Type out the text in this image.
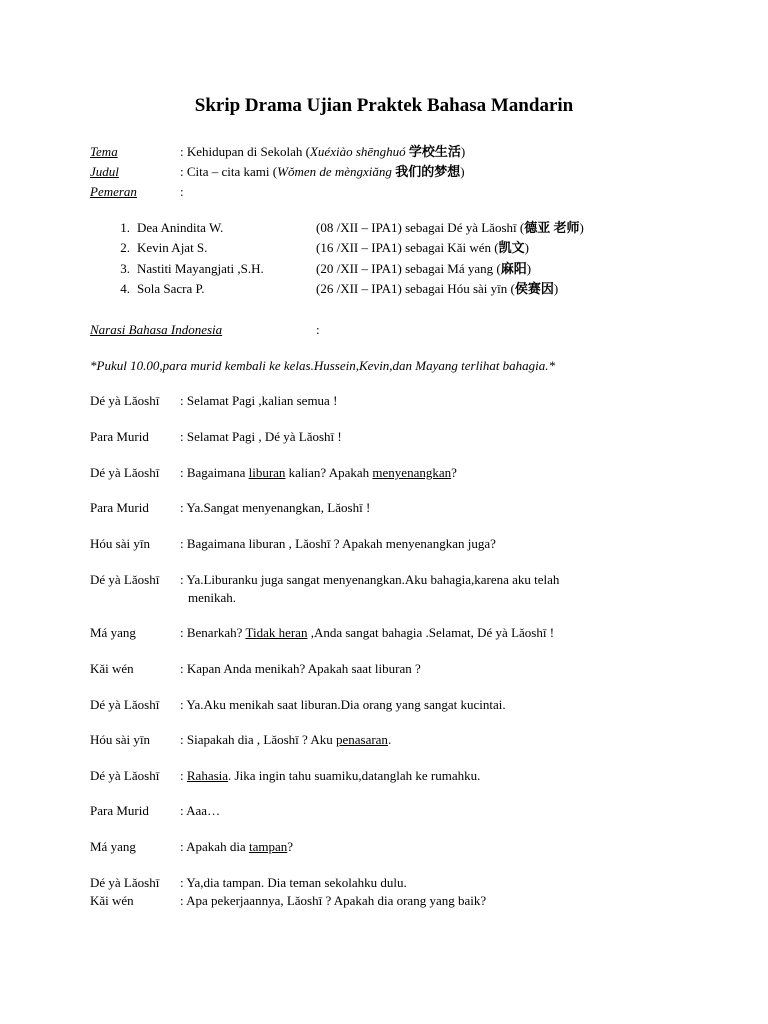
Skrip Drama Ujian Praktek Bahasa Mandarin
Tema	: Kehidupan di Sekolah (Xuéxiào shēnghuó 学校生活)
Judul	: Cita – cita kami (Wǒmen de mèngxiǎng 我们的梦想)
Pemeran	:
1. Dea Anindita W.	(08 /XII – IPA1) sebagai Dé yà Lǎoshī (德亚 老师)
2. Kevin Ajat S.	(16 /XII – IPA1) sebagai Kǎi wén (凯文)
3. Nastiti Mayangjati ,S.H.	(20 /XII – IPA1) sebagai Má yang (麻阳)
4. Sola Sacra P.	(26 /XII – IPA1) sebagai Hóu sài yīn (侯赛因)
Narasi Bahasa Indonesia	:
*Pukul 10.00,para murid kembali ke kelas.Hussein,Kevin,dan Mayang terlihat bahagia.*
Dé yà Lǎoshī : Selamat Pagi ,kalian semua !
Para Murid : Selamat Pagi , Dé yà Lǎoshī !
Dé yà Lǎoshī : Bagaimana liburan kalian? Apakah menyenangkan?
Para Murid : Ya.Sangat menyenangkan, Lǎoshī !
Hóu sài yīn : Bagaimana liburan , Lǎoshī ? Apakah menyenangkan juga?
Dé yà Lǎoshī : Ya.Liburanku juga sangat menyenangkan.Aku bahagia,karena aku telah
menikah.
Má yang	: Benarkah? Tidak heran ,Anda sangat bahagia .Selamat, Dé yà Lǎoshī !
Kǎi wén	: Kapan Anda menikah? Apakah saat liburan ?
Dé yà Lǎoshī : Ya.Aku menikah saat liburan.Dia orang yang sangat kucintai.
Hóu sài yīn : Siapakah dia , Lǎoshī ? Aku penasaran.
Dé yà Lǎoshī : Rahasia. Jika ingin tahu suamiku,datanglah ke rumahku.
Para Murid : Aaa…
Má yang	: Apakah dia tampan?
Dé yà Lǎoshī : Ya,dia tampan. Dia teman sekolahku dulu.
Kǎi wén	: Apa pekerjaannya, Lǎoshī ? Apakah dia orang yang baik?
